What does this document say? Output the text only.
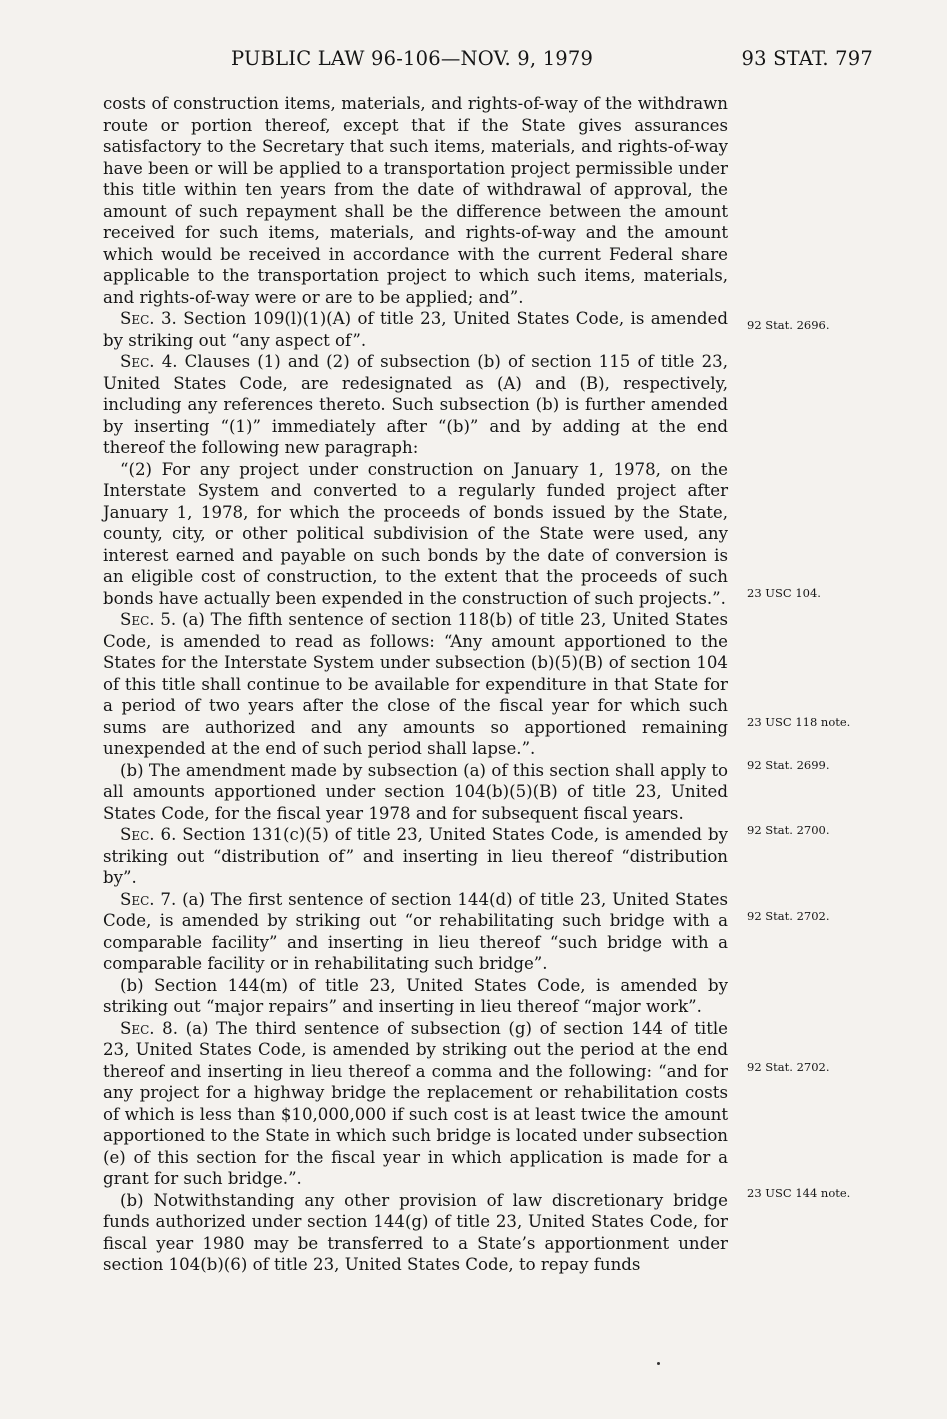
PUBLIC LAW 96-106—NOV. 9, 1979	93 STAT. 797

costs of construction items, materials, and rights-of-way of the withdrawn route or portion thereof, except that if the State gives assurances satisfactory to the Secretary that such items, materials, and rights-of-way have been or will be applied to a transportation project permissible under this title within ten years from the date of withdrawal of approval, the amount of such repayment shall be the difference between the amount received for such items, materials, and rights-of-way and the amount which would be received in accordance with the current Federal share applicable to the transportation project to which such items, materials, and rights-of-way were or are to be applied; and”.

Sec. 3. Section 109(l)(1)(A) of title 23, United States Code, is amended by striking out “any aspect of”.

Sec. 4. Clauses (1) and (2) of subsection (b) of section 115 of title 23, United States Code, are redesignated as (A) and (B), respectively, including any references thereto. Such subsection (b) is further amended by inserting “(1)” immediately after “(b)” and by adding at the end thereof the following new paragraph:

“(2) For any project under construction on January 1, 1978, on the Interstate System and converted to a regularly funded project after January 1, 1978, for which the proceeds of bonds issued by the State, county, city, or other political subdivision of the State were used, any interest earned and payable on such bonds by the date of conversion is an eligible cost of construction, to the extent that the proceeds of such bonds have actually been expended in the construction of such projects.”.

Sec. 5. (a) The fifth sentence of section 118(b) of title 23, United States Code, is amended to read as follows: “Any amount apportioned to the States for the Interstate System under subsection (b)(5)(B) of section 104 of this title shall continue to be available for expenditure in that State for a period of two years after the close of the fiscal year for which such sums are authorized and any amounts so apportioned remaining unexpended at the end of such period shall lapse.”.

(b) The amendment made by subsection (a) of this section shall apply to all amounts apportioned under section 104(b)(5)(B) of title 23, United States Code, for the fiscal year 1978 and for subsequent fiscal years.

Sec. 6. Section 131(c)(5) of title 23, United States Code, is amended by striking out “distribution of” and inserting in lieu thereof “distribution by”.

Sec. 7. (a) The first sentence of section 144(d) of title 23, United States Code, is amended by striking out “or rehabilitating such bridge with a comparable facility” and inserting in lieu thereof “such bridge with a comparable facility or in rehabilitating such bridge”.

(b) Section 144(m) of title 23, United States Code, is amended by striking out “major repairs” and inserting in lieu thereof “major work”.

Sec. 8. (a) The third sentence of subsection (g) of section 144 of title 23, United States Code, is amended by striking out the period at the end thereof and inserting in lieu thereof a comma and the following: “and for any project for a highway bridge the replacement or rehabilitation costs of which is less than $10,000,000 if such cost is at least twice the amount apportioned to the State in which such bridge is located under subsection (e) of this section for the fiscal year in which application is made for a grant for such bridge.”.

(b) Notwithstanding any other provision of law discretionary bridge funds authorized under section 144(g) of title 23, United States Code, for fiscal year 1980 may be transferred to a State’s apportionment under section 104(b)(6) of title 23, United States Code, to repay funds

92 Stat. 2696.
23 USC 104.
23 USC 118 note.
92 Stat. 2699.
92 Stat. 2700.
92 Stat. 2702.
92 Stat. 2702.
23 USC 144 note.
